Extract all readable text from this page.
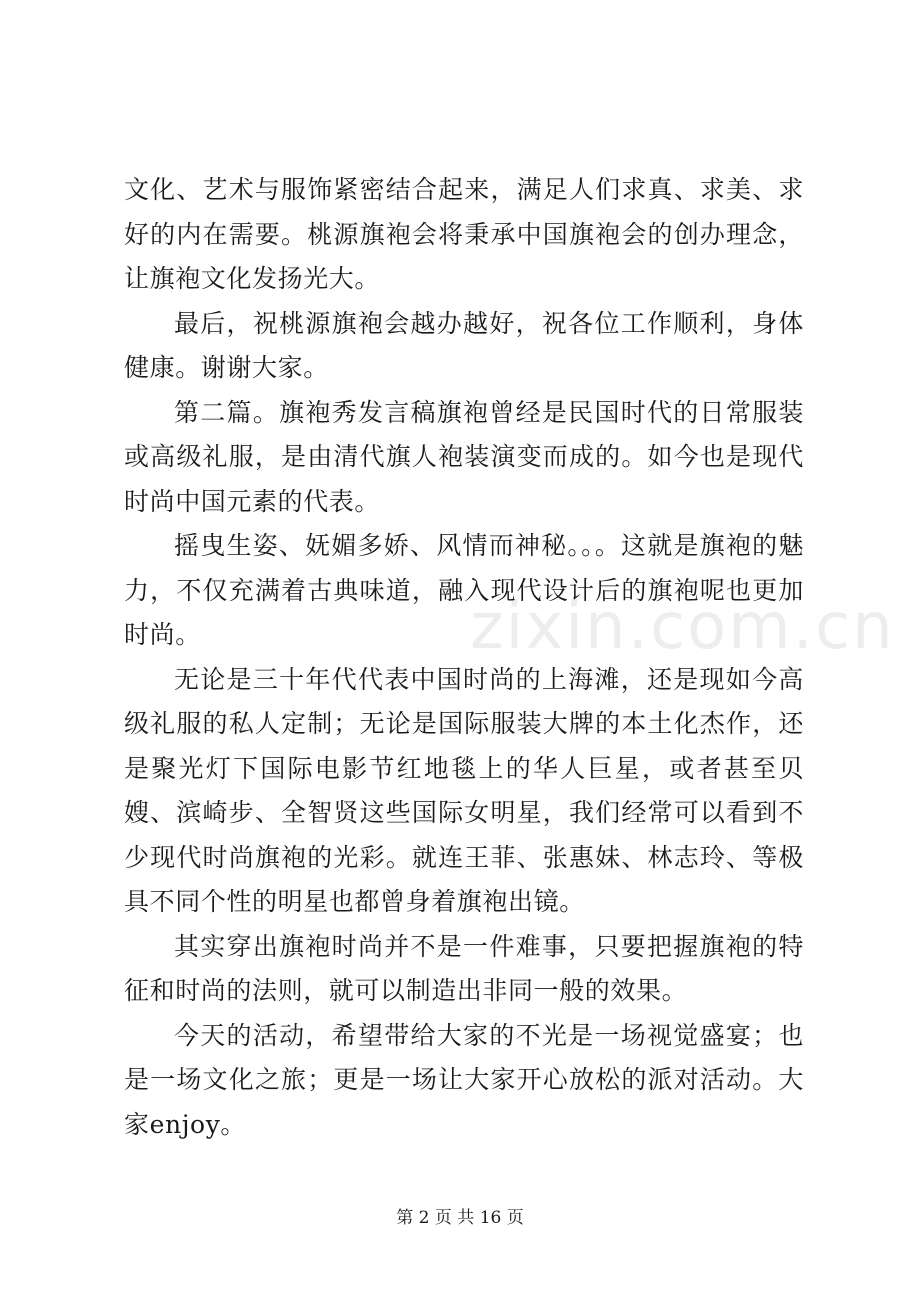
文化、艺术与服饰紧密结合起来，满足人们求真、求美、求好的内在需要。桃源旗袍会将秉承中国旗袍会的创办理念，让旗袍文化发扬光大。

最后，祝桃源旗袍会越办越好，祝各位工作顺利，身体健康。谢谢大家。

第二篇。旗袍秀发言稿旗袍曾经是民国时代的日常服装或高级礼服，是由清代旗人袍装演变而成的。如今也是现代时尚中国元素的代表。

摇曳生姿、妩媚多娇、风情而神秘。。。这就是旗袍的魅力，不仅充满着古典味道，融入现代设计后的旗袍呢也更加时尚。

无论是三十年代代表中国时尚的上海滩，还是现如今高级礼服的私人定制；无论是国际服装大牌的本土化杰作，还是聚光灯下国际电影节红地毯上的华人巨星，或者甚至贝嫂、滨崎步、全智贤这些国际女明星，我们经常可以看到不少现代时尚旗袍的光彩。就连王菲、张惠妹、林志玲、等极具不同个性的明星也都曾身着旗袍出镜。

其实穿出旗袍时尚并不是一件难事，只要把握旗袍的特征和时尚的法则，就可以制造出非同一般的效果。

今天的活动，希望带给大家的不光是一场视觉盛宴；也是一场文化之旅；更是一场让大家开心放松的派对活动。大家enjoy。

zixin.com.cn
第 2 页 共 16 页
